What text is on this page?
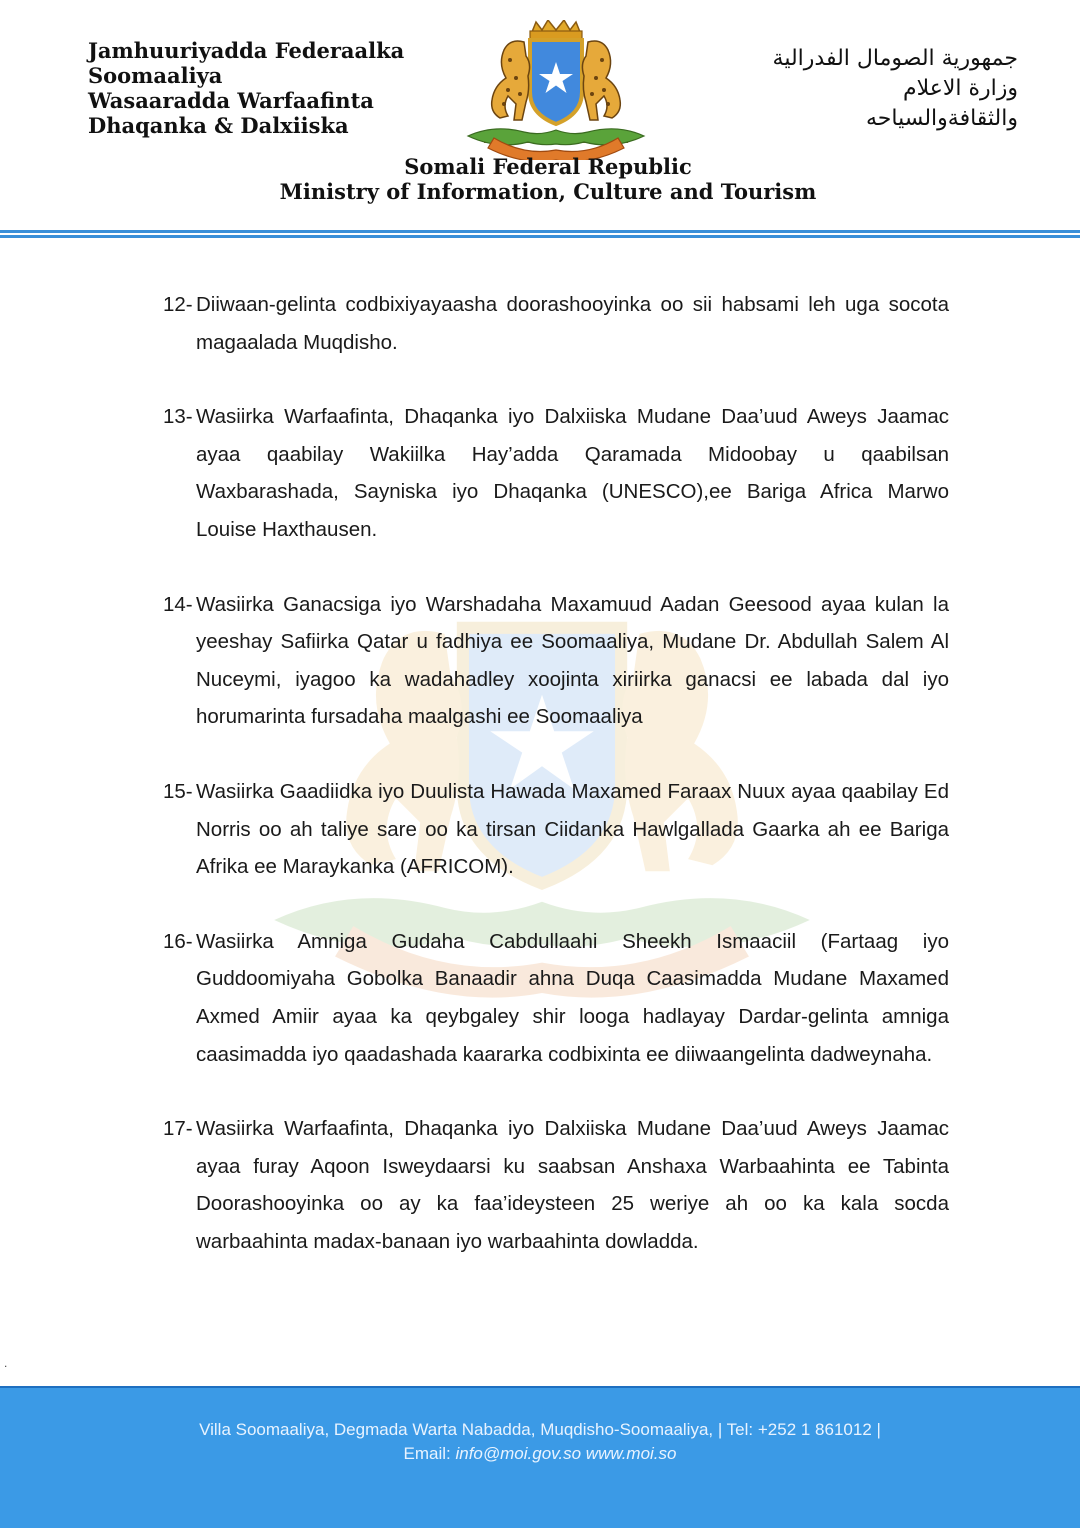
Jamhuuriyadda Federaalka
Soomaaliya
Wasaaradda Warfaafinta
Dhaqanka & Dalxiiska
جمهورية الصومال الفدرالية
وزارة الاعلام
والثقافةوالسياحه
Somali Federal Republic
Ministry of Information, Culture and Tourism
12- Diiwaan-gelinta codbixiyayaasha doorashooyinka oo sii habsami leh uga socota magaalada Muqdisho.
13- Wasiirka Warfaafinta, Dhaqanka iyo Dalxiiska Mudane Daa’uud Aweys Jaamac ayaa qaabilay Wakiilka Hay’adda Qaramada Midoobay u qaabilsan Waxbarashada, Sayniska iyo Dhaqanka (UNESCO),ee Bariga Africa Marwo Louise Haxthausen.
14- Wasiirka Ganacsiga iyo Warshadaha Maxamuud Aadan Geesood ayaa kulan la yeeshay Safiirka Qatar u fadhiya ee Soomaaliya, Mudane Dr. Abdullah Salem Al Nuceymi, iyagoo ka wadahadley xoojinta xiriirka ganacsi ee labada dal iyo horumarinta fursadaha maalgashi ee Soomaaliya
15- Wasiirka Gaadiidka iyo Duulista Hawada Maxamed Faraax Nuux ayaa qaabilay Ed Norris oo ah taliye sare oo ka tirsan Ciidanka Hawlgallada Gaarka ah ee Bariga Afrika ee Maraykanka (AFRICOM).
16- Wasiirka Amniga Gudaha Cabdullaahi Sheekh Ismaaciil (Fartaag iyo Guddoomiyaha Gobolka Banaadir ahna Duqa Caasimadda Mudane Maxamed Axmed Amiir ayaa ka qeybgaley shir looga hadlayay Dardar-gelinta amniga caasimadda iyo qaadashada kaararka codbixinta ee diiwaangelinta dadweynaha.
17- Wasiirka Warfaafinta, Dhaqanka iyo Dalxiiska Mudane Daa’uud Aweys Jaamac ayaa furay Aqoon Isweydaarsi ku saabsan Anshaxa Warbaahinta ee Tabinta Doorashooyinka oo ay ka faa’ideysteen 25 weriye ah oo ka kala socda warbaahinta madax-banaan iyo warbaahinta dowladda.
.
Villa Soomaaliya, Degmada Warta Nabadda, Muqdisho-Soomaaliya, | Tel: +252 1 861012 |
Email: info@moi.gov.so www.moi.so
